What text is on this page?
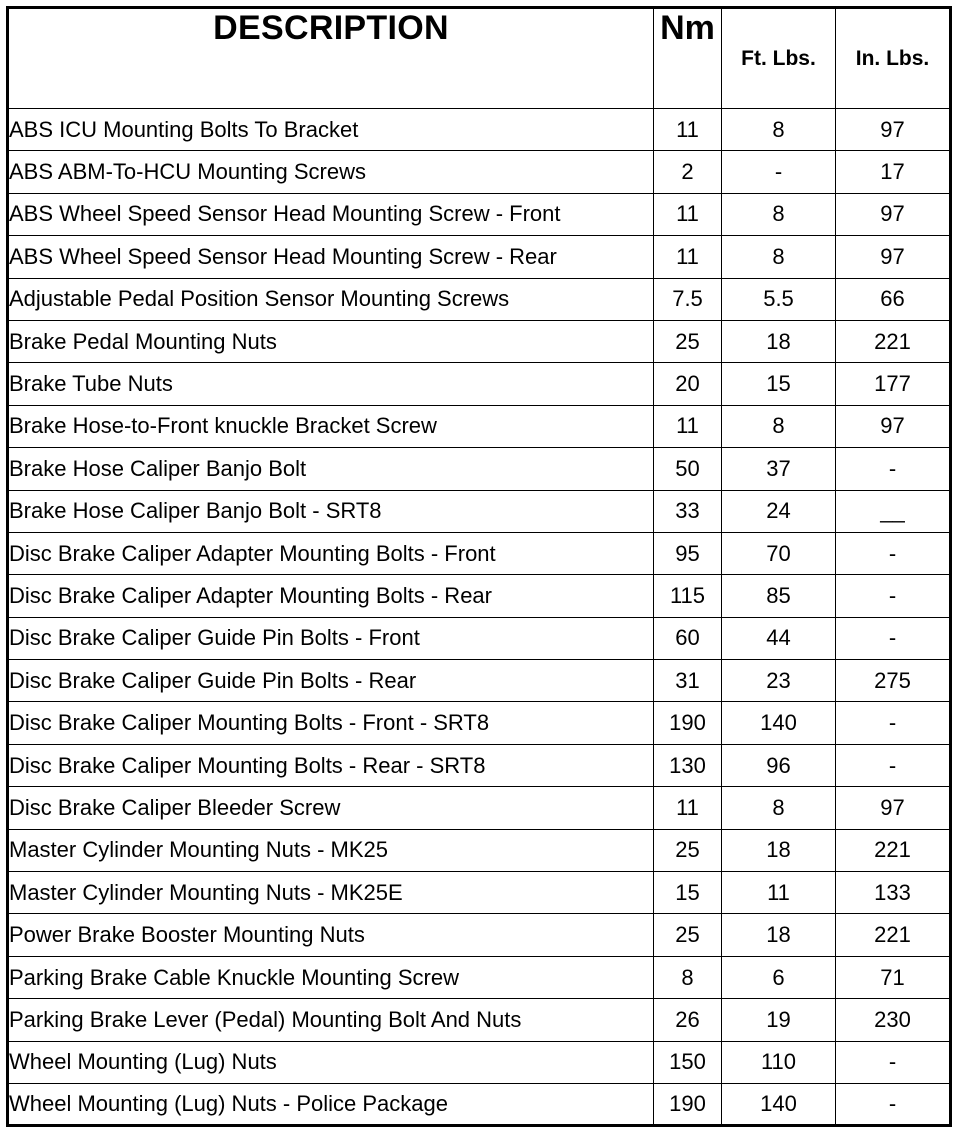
DESCRIPTION	Nm	Ft. Lbs.	In. Lbs.
ABS ICU Mounting Bolts To Bracket	11	8	97
ABS ABM-To-HCU Mounting Screws	2	-	17
ABS Wheel Speed Sensor Head Mounting Screw - Front	11	8	97
ABS Wheel Speed Sensor Head Mounting Screw - Rear	11	8	97
Adjustable Pedal Position Sensor Mounting Screws	7.5	5.5	66
Brake Pedal Mounting Nuts	25	18	221
Brake Tube Nuts	20	15	177
Brake Hose-to-Front knuckle Bracket Screw	11	8	97
Brake Hose Caliper Banjo Bolt	50	37	-
Brake Hose Caliper Banjo Bolt - SRT8	33	24	__
Disc Brake Caliper Adapter Mounting Bolts - Front	95	70	-
Disc Brake Caliper Adapter Mounting Bolts - Rear	115	85	-
Disc Brake Caliper Guide Pin Bolts - Front	60	44	-
Disc Brake Caliper Guide Pin Bolts - Rear	31	23	275
Disc Brake Caliper Mounting Bolts - Front - SRT8	190	140	-
Disc Brake Caliper Mounting Bolts - Rear - SRT8	130	96	-
Disc Brake Caliper Bleeder Screw	11	8	97
Master Cylinder Mounting Nuts - MK25	25	18	221
Master Cylinder Mounting Nuts - MK25E	15	11	133
Power Brake Booster Mounting Nuts	25	18	221
Parking Brake Cable Knuckle Mounting Screw	8	6	71
Parking Brake Lever (Pedal) Mounting Bolt And Nuts	26	19	230
Wheel Mounting (Lug) Nuts	150	110	-
Wheel Mounting (Lug) Nuts - Police Package	190	140	-
